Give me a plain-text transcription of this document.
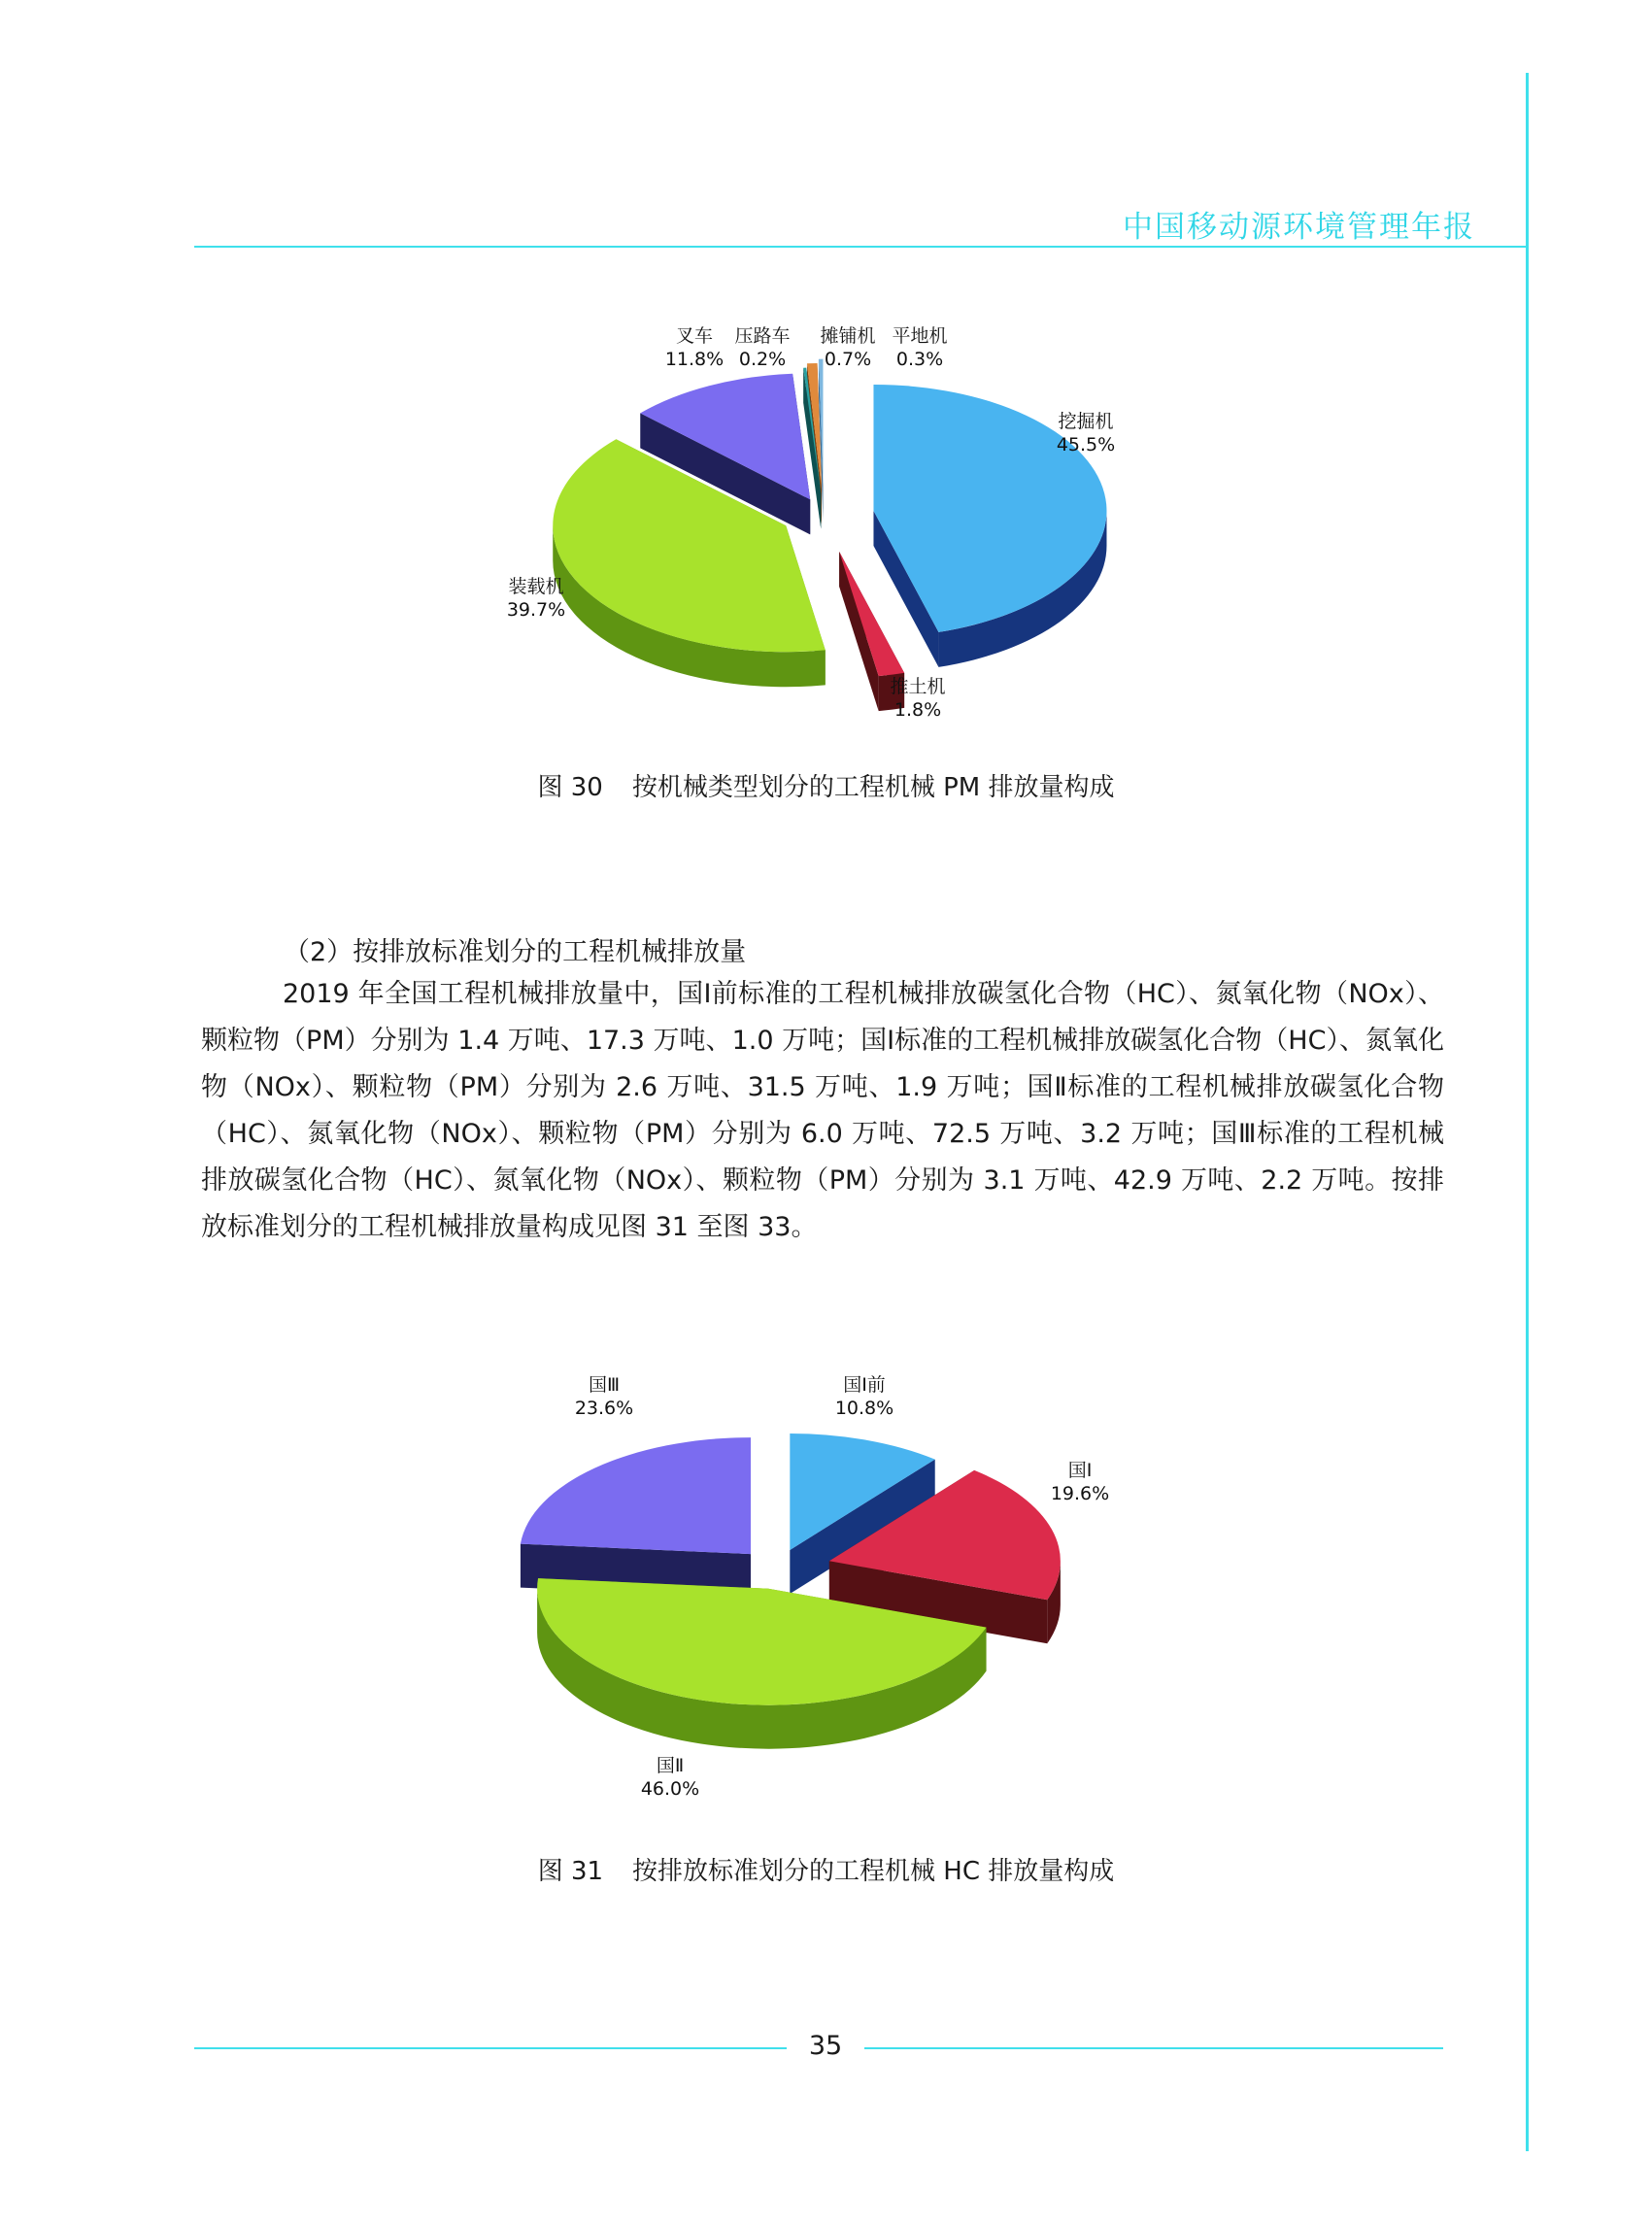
中国移动源环境管理年报
挖掘机
45.5%
推土机
1.8%
装载机
39.7%
叉车
11.8%
压路车
0.2%
摊铺机
0.7%
平地机
0.3%
图 30 按机械类型划分的工程机械 PM 排放量构成
（2）按排放标准划分的工程机械排放量
2019 年全国工程机械排放量中，国Ⅰ前标准的工程机械排放碳氢化合物（HC）、氮氧化物（NOx）、颗粒物（PM）分别为 1.4 万吨、17.3 万吨、1.0 万吨；国Ⅰ标准的工程机械排放碳氢化合物（HC）、氮氧化物（NOx）、颗粒物（PM）分别为 2.6 万吨、31.5 万吨、1.9 万吨；国Ⅱ标准的工程机械排放碳氢化合物（HC）、氮氧化物（NOx）、颗粒物（PM）分别为 6.0 万吨、72.5 万吨、3.2 万吨；国Ⅲ标准的工程机械排放碳氢化合物（HC）、氮氧化物（NOx）、颗粒物（PM）分别为 3.1 万吨、42.9 万吨、2.2 万吨。按排放标准划分的工程机械排放量构成见图 31 至图 33。
国Ⅰ前
10.8%
国Ⅰ
19.6%
国Ⅱ
46.0%
国Ⅲ
23.6%
图 31 按排放标准划分的工程机械 HC 排放量构成
35
